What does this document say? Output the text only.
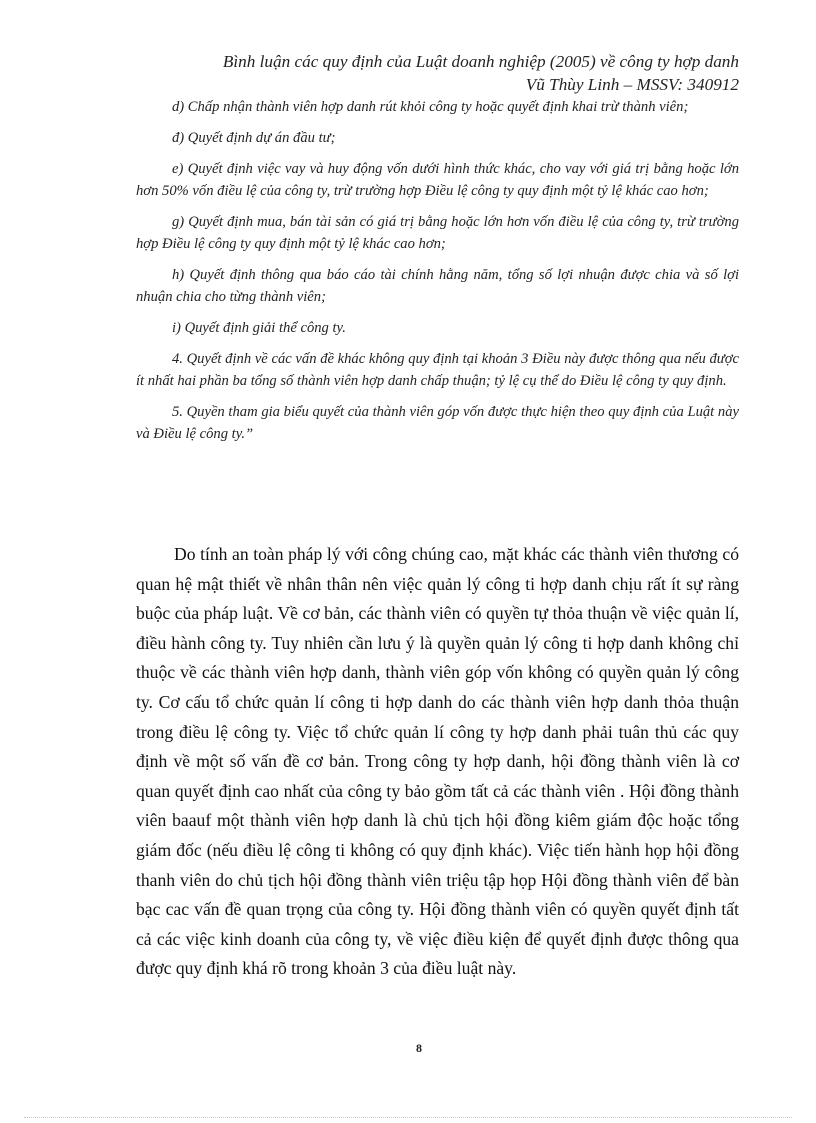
Bình luận các quy định của Luật doanh nghiệp (2005) về công ty hợp danh
Vũ Thùy Linh – MSSV: 340912

d) Chấp nhận thành viên hợp danh rút khỏi công ty hoặc quyết định khai trừ thành viên;

đ) Quyết định dự án đầu tư;

e) Quyết định việc vay và huy động vốn dưới hình thức khác, cho vay với giá trị bằng hoặc lớn hơn 50% vốn điều lệ của công ty, trừ trường hợp Điều lệ công ty quy định một tỷ lệ khác cao hơn;

g) Quyết định mua, bán tài sản có giá trị bằng hoặc lớn hơn vốn điều lệ của công ty, trừ trường hợp Điều lệ công ty quy định một tỷ lệ khác cao hơn;

h) Quyết định thông qua báo cáo tài chính hằng năm, tổng số lợi nhuận được chia và số lợi nhuận chia cho từng thành viên;

i) Quyết định giải thể công ty.

4. Quyết định về các vấn đề khác không quy định tại khoản 3 Điều này được thông qua nếu được ít nhất hai phần ba tổng số thành viên hợp danh chấp thuận; tỷ lệ cụ thể do Điều lệ công ty quy định.

5. Quyền tham gia biểu quyết của thành viên góp vốn được thực hiện theo quy định của Luật này và Điều lệ công ty.”

Do tính an toàn pháp lý với công chúng cao, mặt khác các thành viên thương có quan hệ mật thiết về nhân thân nên việc quản lý công ti hợp danh chịu rất ít sự ràng buộc của pháp luật. Về cơ bản, các thành viên có quyền tự thỏa thuận về việc quản lí, điều hành công ty. Tuy nhiên cần lưu ý là quyền quản lý công ti hợp danh không chỉ thuộc về các thành viên hợp danh, thành viên góp vốn không có quyền quản lý công ty. Cơ cấu tổ chức quản lí công ti hợp danh do các thành viên hợp danh thỏa thuận trong điều lệ công ty. Việc tổ chức quản lí công ty hợp danh phải tuân thủ các quy định về một số vấn đề cơ bản. Trong công ty hợp danh, hội đồng thành viên là cơ quan quyết định cao nhất của công ty bảo gồm tất cả các thành viên . Hội đồng thành viên baauf một thành viên hợp danh là chủ tịch hội đồng kiêm giám độc hoặc tổng giám đốc (nếu điều lệ công ti không có quy định khác). Việc tiến hành họp hội đồng thanh viên do chủ tịch hội đồng thành viên triệu tập họp Hội đồng thành viên để bàn bạc cac vấn đề quan trọng của công ty. Hội đồng thành viên có quyền quyết định tất cả các việc kinh doanh của công ty, về việc điều kiện để quyết định được thông qua được quy định khá rõ trong khoản 3 của điều luật này.

8
